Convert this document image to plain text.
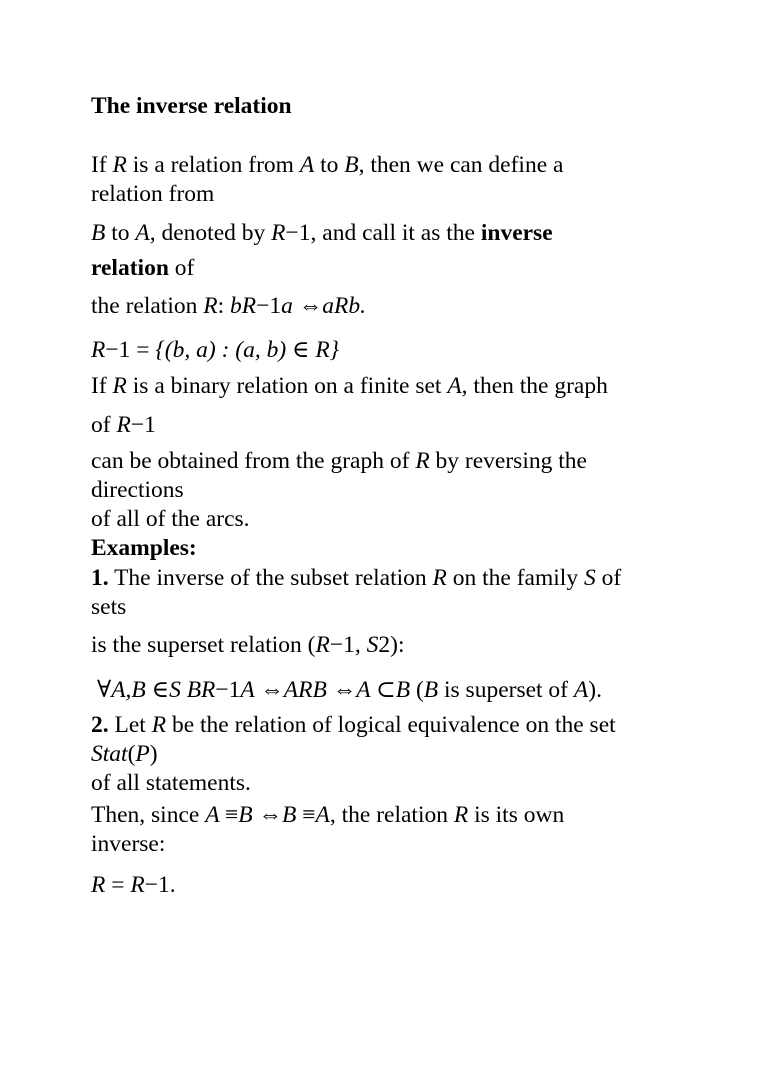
The inverse relation
If R is a relation from A to B, then we can define a
relation from
B to A, denoted by R−1, and call it as the inverse
relation of
the relation R: bR−1a ⇔aRb.
R−1 = {(b, a) : (a, b) ∈ R}
If R is a binary relation on a finite set A, then the graph
of R−1
can be obtained from the graph of R by reversing the
directions
of all of the arcs.
Examples:
1. The inverse of the subset relation R on the family S of
sets
is the superset relation (R−1, S2):
∀A,B ∈S BR−1A ⇔ARB ⇔A ⊂B (B is superset of A).
2. Let R be the relation of logical equivalence on the set
Stat(P)
of all statements.
Then, since A ≡B ⇔B ≡A, the relation R is its own
inverse:
R = R−1.
